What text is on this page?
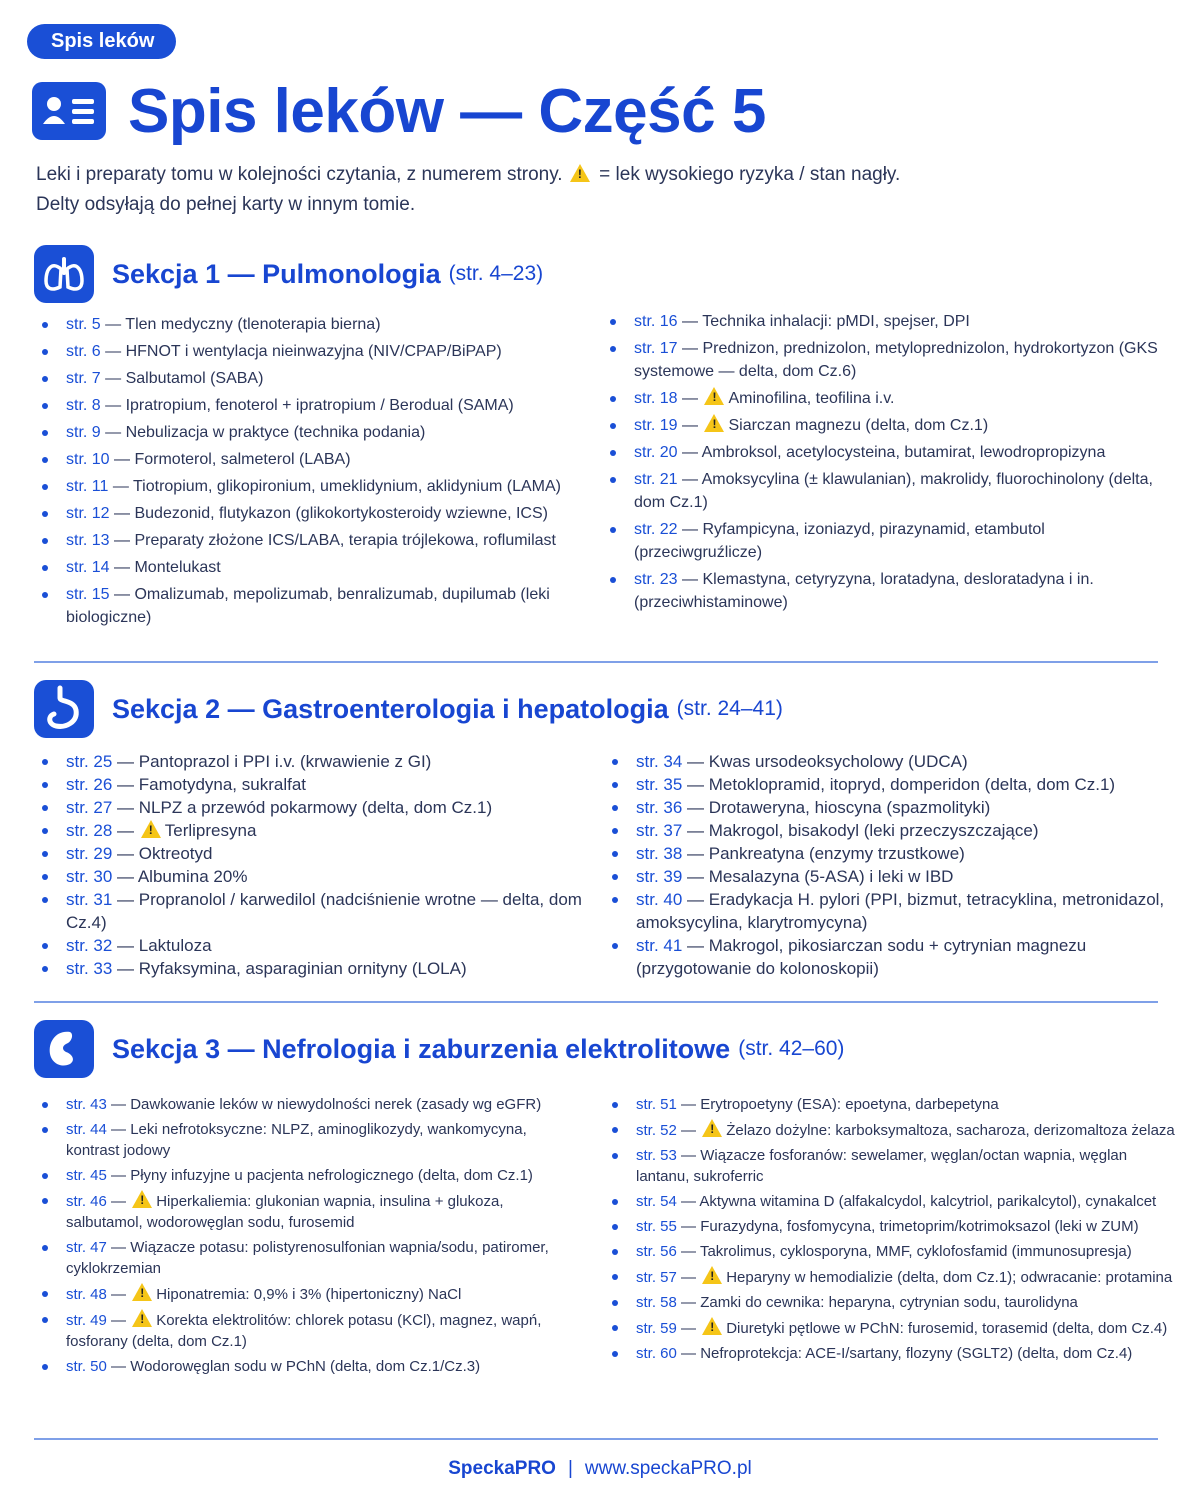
Spis leków
Spis leków — Część 5
Leki i preparaty tomu w kolejności czytania, z numerem strony. ! = lek wysokiego ryzyka / stan nagły. Delty odsyłają do pełnej karty w innym tomie.
Sekcja 1 — Pulmonologia (str. 4–23)
str. 5 — Tlen medyczny (tlenoterapia bierna)
str. 6 — HFNOT i wentylacja nieinwazyjna (NIV/CPAP/BiPAP)
str. 7 — Salbutamol (SABA)
str. 8 — Ipratropium, fenoterol + ipratropium / Berodual (SAMA)
str. 9 — Nebulizacja w praktyce (technika podania)
str. 10 — Formoterol, salmeterol (LABA)
str. 11 — Tiotropium, glikopironium, umeklidynium, aklidynium (LAMA)
str. 12 — Budezonid, flutykazon (glikokortykosteroidy wziewne, ICS)
str. 13 — Preparaty złożone ICS/LABA, terapia trójlekowa, roflumilast
str. 14 — Montelukast
str. 15 — Omalizumab, mepolizumab, benralizumab, dupilumab (leki biologiczne)
str. 16 — Technika inhalacji: pMDI, spejser, DPI
str. 17 — Prednizon, prednizolon, metyloprednizolon, hydrokortyzon (GKS systemowe — delta, dom Cz.6)
str. 18 — !Aminofilina, teofilina i.v.
str. 19 — !Siarczan magnezu (delta, dom Cz.1)
str. 20 — Ambroksol, acetylocysteina, butamirat, lewodropropizyna
str. 21 — Amoksycylina (± klawulanian), makrolidy, fluorochinolony (delta, dom Cz.1)
str. 22 — Ryfampicyna, izoniazyd, pirazynamid, etambutol (przeciwgruźlicze)
str. 23 — Klemastyna, cetyryzyna, loratadyna, desloratadyna i in. (przeciwhistaminowe)
Sekcja 2 — Gastroenterologia i hepatologia (str. 24–41)
str. 25 — Pantoprazol i PPI i.v. (krwawienie z GI)
str. 26 — Famotydyna, sukralfat
str. 27 — NLPZ a przewód pokarmowy (delta, dom Cz.1)
str. 28 — !Terlipresyna
str. 29 — Oktreotyd
str. 30 — Albumina 20%
str. 31 — Propranolol / karwedilol (nadciśnienie wrotne — delta, dom Cz.4)
str. 32 — Laktuloza
str. 33 — Ryfaksymina, asparaginian ornityny (LOLA)
str. 34 — Kwas ursodeoksycholowy (UDCA)
str. 35 — Metoklopramid, itopryd, domperidon (delta, dom Cz.1)
str. 36 — Drotaweryna, hioscyna (spazmolityki)
str. 37 — Makrogol, bisakodyl (leki przeczyszczające)
str. 38 — Pankreatyna (enzymy trzustkowe)
str. 39 — Mesalazyna (5-ASA) i leki w IBD
str. 40 — Eradykacja H. pylori (PPI, bizmut, tetracyklina, metronidazol, amoksycylina, klarytromycyna)
str. 41 — Makrogol, pikosiarczan sodu + cytrynian magnezu (przygotowanie do kolonoskopii)
Sekcja 3 — Nefrologia i zaburzenia elektrolitowe (str. 42–60)
str. 43 — Dawkowanie leków w niewydolności nerek (zasady wg eGFR)
str. 44 — Leki nefrotoksyczne: NLPZ, aminoglikozydy, wankomycyna, kontrast jodowy
str. 45 — Płyny infuzyjne u pacjenta nefrologicznego (delta, dom Cz.1)
str. 46 — !Hiperkaliemia: glukonian wapnia, insulina + glukoza, salbutamol, wodorowęglan sodu, furosemid
str. 47 — Wiązacze potasu: polistyrenosulfonian wapnia/sodu, patiromer, cyklokrzemian
str. 48 — !Hiponatremia: 0,9% i 3% (hipertoniczny) NaCl
str. 49 — !Korekta elektrolitów: chlorek potasu (KCl), magnez, wapń, fosforany (delta, dom Cz.1)
str. 50 — Wodorowęglan sodu w PChN (delta, dom Cz.1/Cz.3)
str. 51 — Erytropoetyny (ESA): epoetyna, darbepetyna
str. 52 — !Żelazo dożylne: karboksymaltoza, sacharoza, derizomaltoza żelaza
str. 53 — Wiązacze fosforanów: sewelamer, węglan/octan wapnia, węglan lantanu, sukroferric
str. 54 — Aktywna witamina D (alfakalcydol, kalcytriol, parikalcytol), cynakalcet
str. 55 — Furazydyna, fosfomycyna, trimetoprim/kotrimoksazol (leki w ZUM)
str. 56 — Takrolimus, cyklosporyna, MMF, cyklofosfamid (immunosupresja)
str. 57 — !Heparyny w hemodializie (delta, dom Cz.1); odwracanie: protamina
str. 58 — Zamki do cewnika: heparyna, cytrynian sodu, taurolidyna
str. 59 — !Diuretyki pętlowe w PChN: furosemid, torasemid (delta, dom Cz.4)
str. 60 — Nefroprotekcja: ACE-I/sartany, flozyny (SGLT2) (delta, dom Cz.4)
SpeckaPRO | www.speckaPRO.pl
